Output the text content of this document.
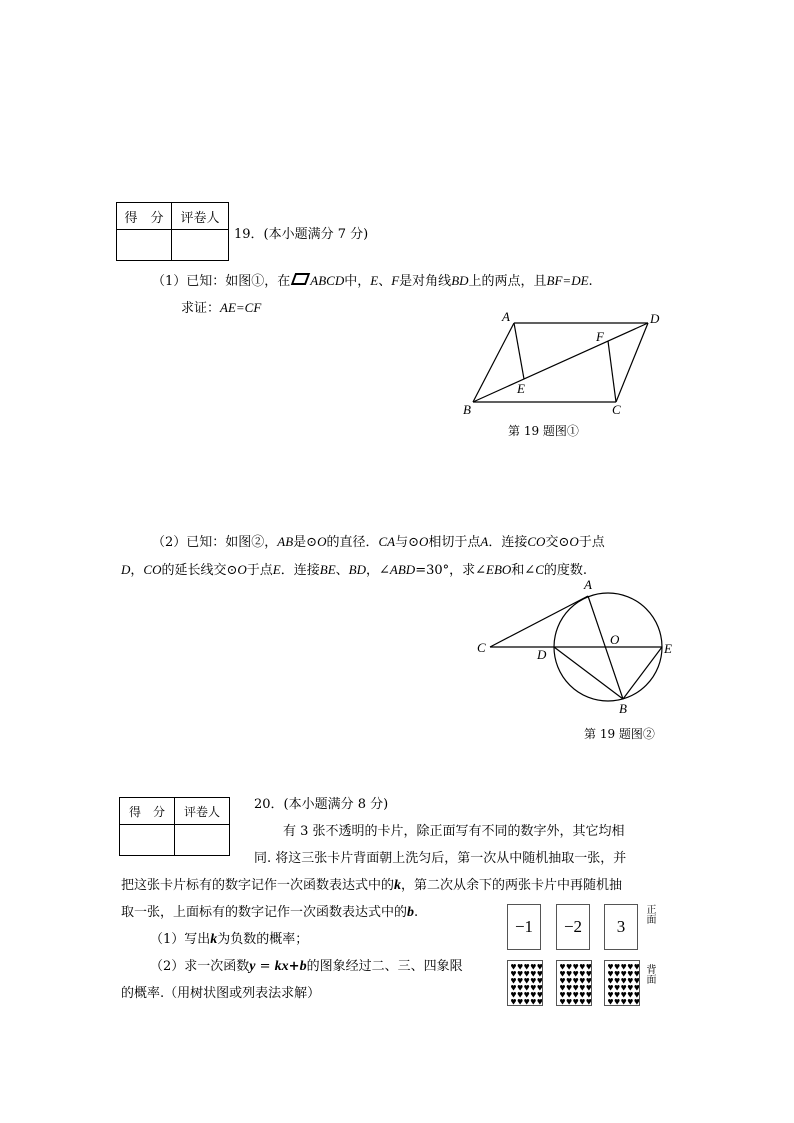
得　分	评卷人

19．(本小题满分 7 分)
（1）已知：如图①，在 ABCD中，E、F是对角线BD上的两点，且BF=DE.
求证：AE=CF
A	D
F
E
B	C
第 19 题图①
（2）已知：如图②，AB是⊙O的直径．CA与⊙O相切于点A．连接CO交⊙O于点
D，CO的延长线交⊙O于点E．连接BE、BD，∠ABD=30°，求∠EBO和∠C的度数.
A
O
C	D	E
B
第 19 题图②
得　分	评卷人
		20．(本小题满分 8 分)
有 3 张不透明的卡片，除正面写有不同的数字外，其它均相
同. 将这三张卡片背面朝上洗匀后，第一次从中随机抽取一张，并
把这张卡片标有的数字记作一次函数表达式中的k，第二次从余下的两张卡片中再随机抽
取一张，上面标有的数字记作一次函数表达式中的b.
（1）写出k为负数的概率；
（2）求一次函数y = kx+b的图象经过二、三、四象限
的概率.（用树状图或列表法求解）
−1	−2	3
正面
背面
